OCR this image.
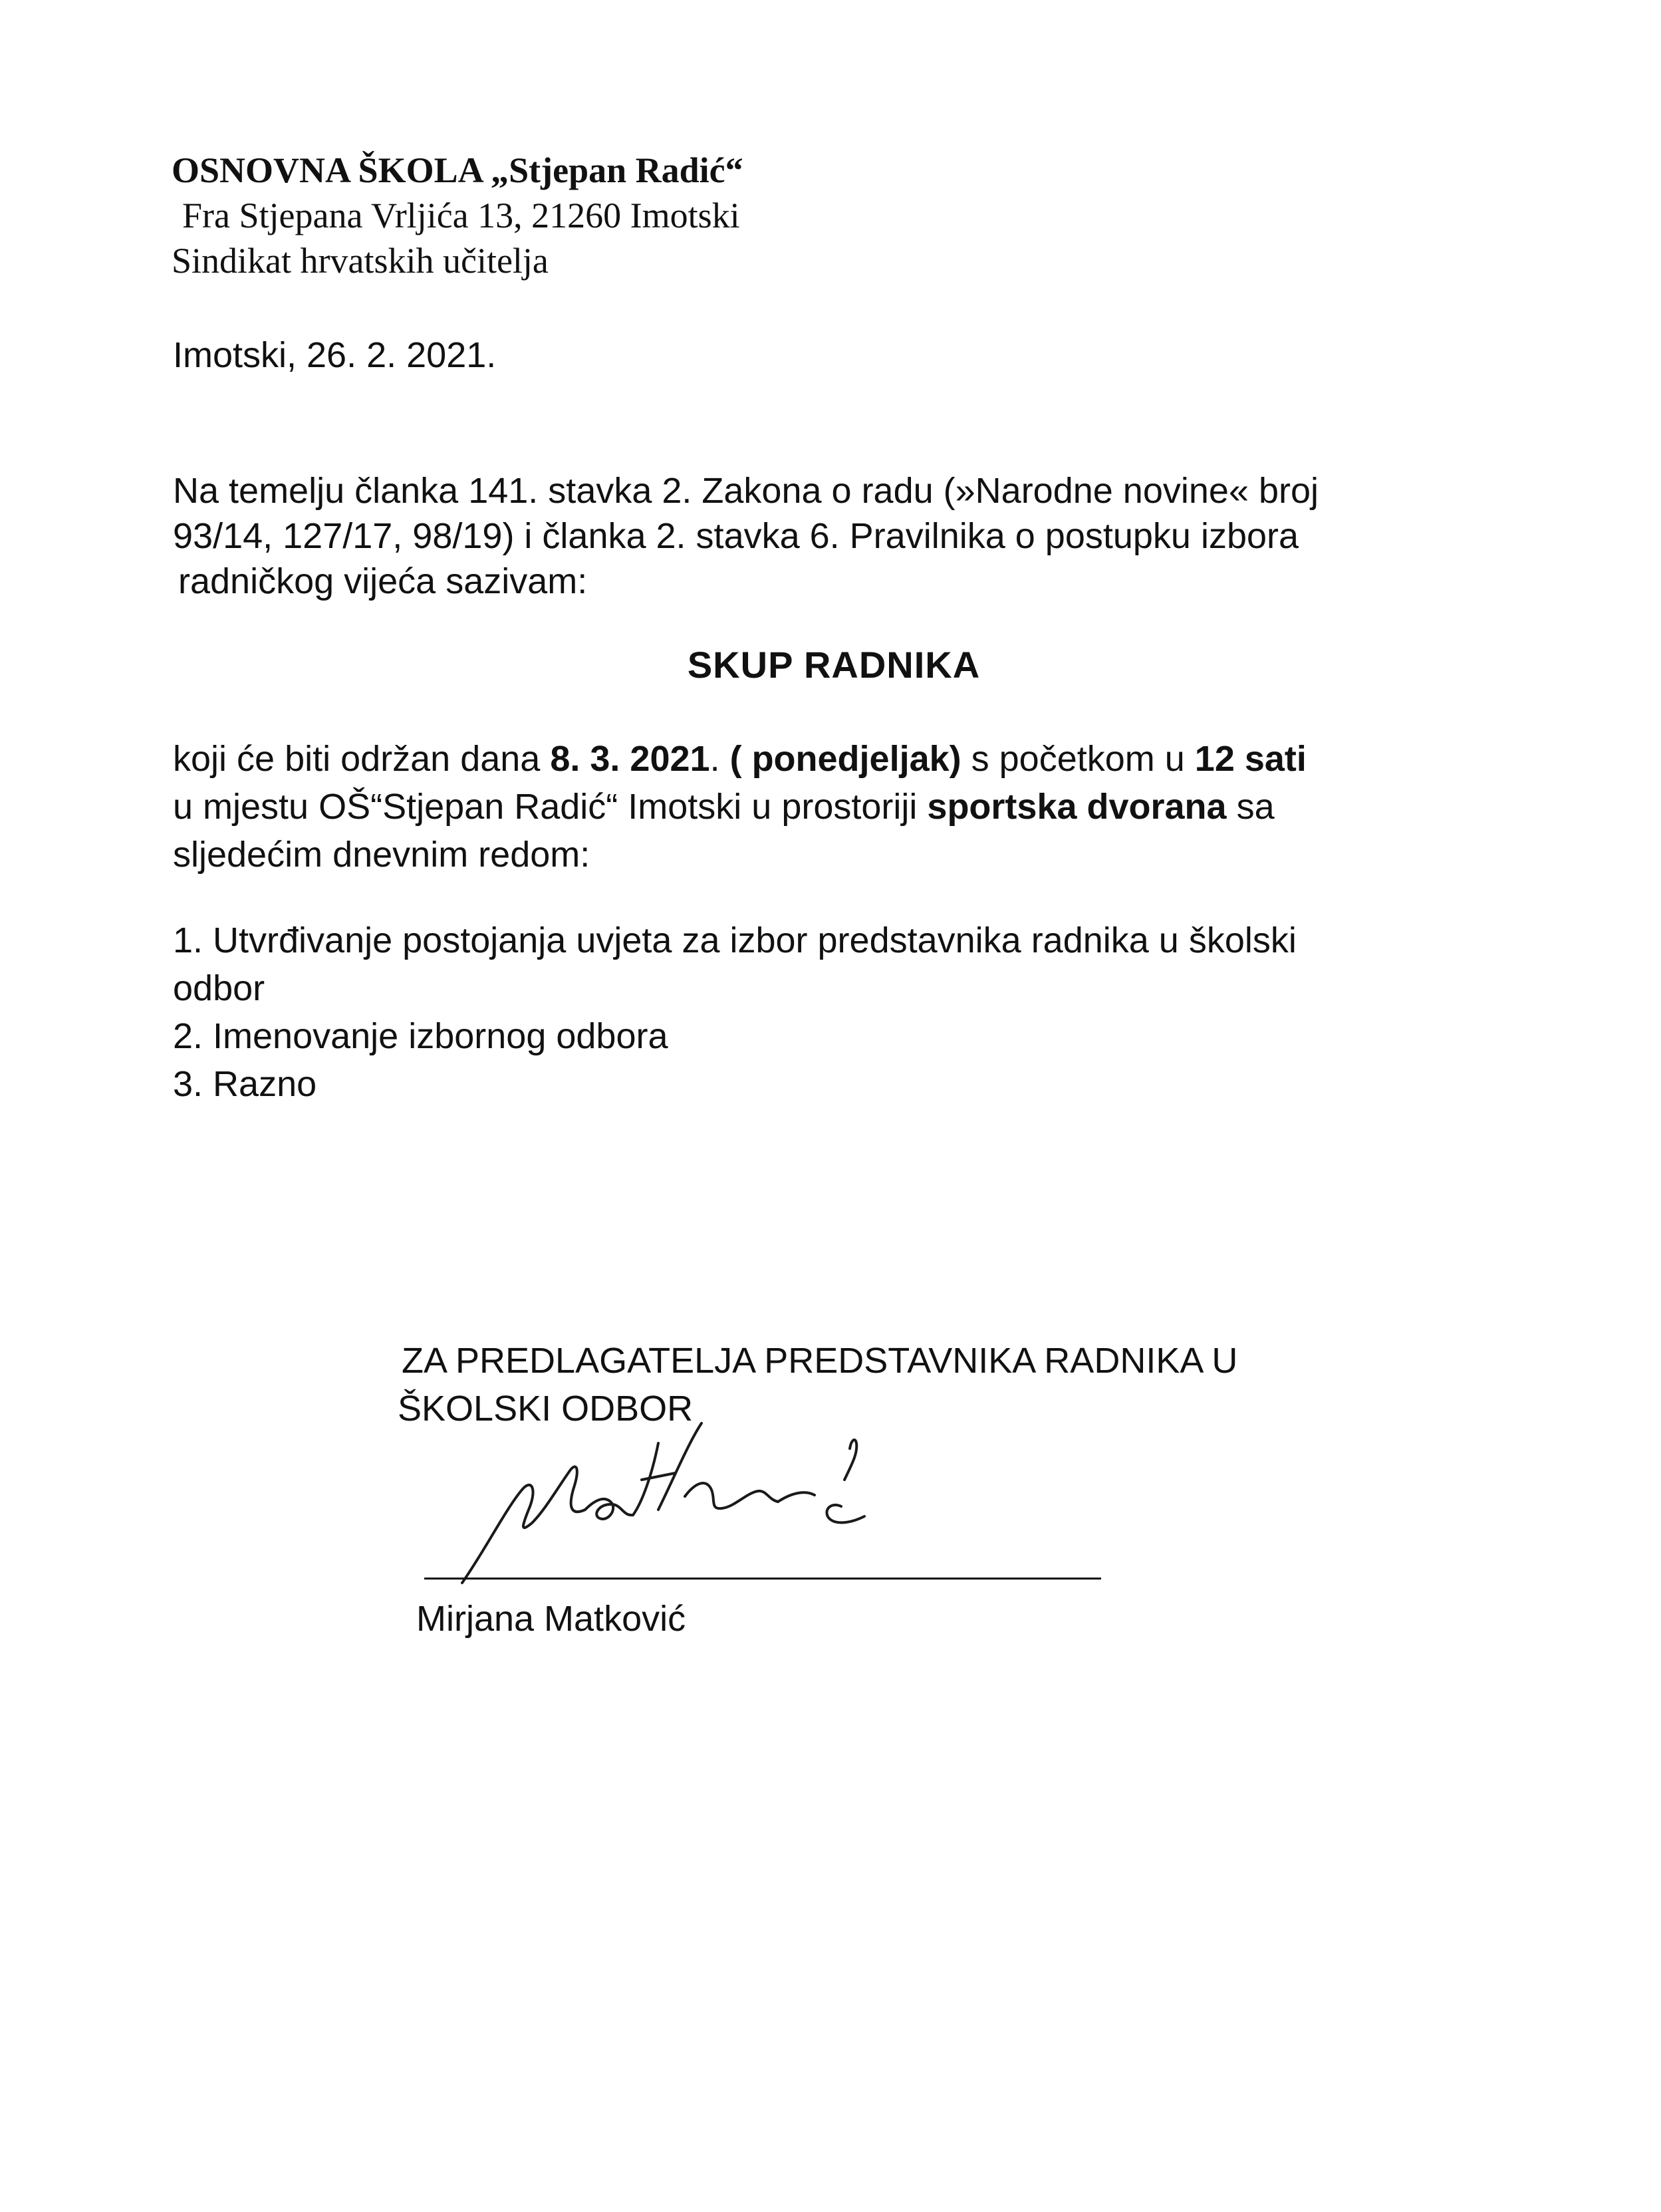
OSNOVNA ŠKOLA „Stjepan Radić“
Fra Stjepana Vrljića 13, 21260 Imotski
Sindikat hrvatskih učitelja
Imotski, 26. 2. 2021.
Na temelju članka 141. stavka 2. Zakona o radu (»Narodne novine« broj
93/14, 127/17, 98/19) i članka 2. stavka 6. Pravilnika o postupku izbora
radničkog vijeća sazivam:
SKUP RADNIKA
koji će biti održan dana 8. 3. 2021. ( ponedjeljak) s početkom u 12 sati
u mjestu OŠ“Stjepan Radić“ Imotski u prostoriji sportska dvorana sa
sljedećim dnevnim redom:
1. Utvrđivanje postojanja uvjeta za izbor predstavnika radnika u školski
odbor
2. Imenovanje izbornog odbora
3. Razno
ZA PREDLAGATELJA PREDSTAVNIKA RADNIKA U
ŠKOLSKI ODBOR
Mirjana Matković
